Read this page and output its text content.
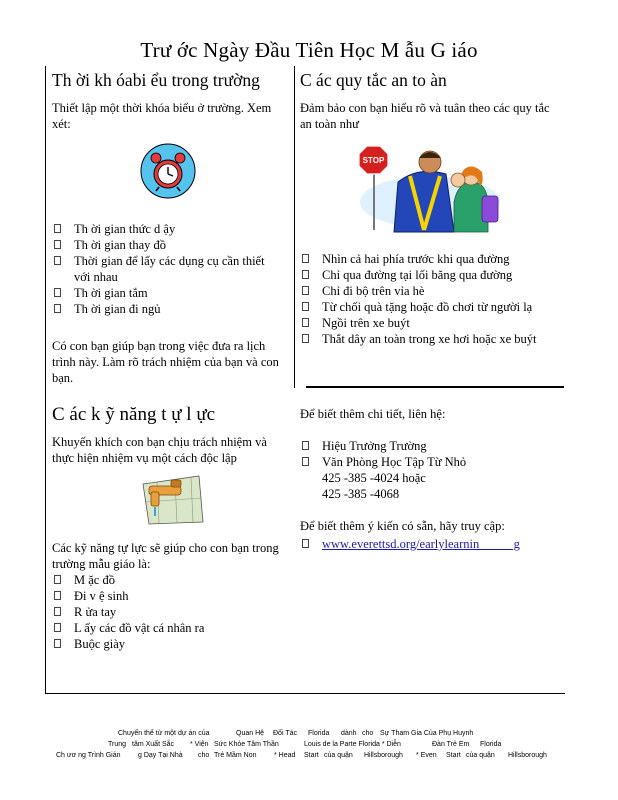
Trư ớc Ngày Đầu Tiên Học M ẫu G iáo
Th ời kh óabi ểu trong trường

Thiết lập một thời khóa biểu ở trường. Xem xét:

Th ời gian thức d ậy
Th ời gian thay đồ
Thời gian để lấy các dụng cụ cần thiết với nhau
Th ời gian tắm
Th ời gian đi ngủ

Có con bạn giúp bạn trong việc đưa ra lịch trình này. Làm rõ trách nhiệm của bạn và con bạn.

C ác k ỹ năng t ự l ực

Khuyến khích con bạn chịu trách nhiệm và thực hiện nhiệm vụ một cách độc lập

Các kỹ năng tự lực sẽ giúp cho con bạn trong trường mẫu giáo là:

M ặc đồ
Đi v ệ sinh
R ửa tay
L ấy các đồ vật cá nhân ra
Buộc giày
C ác quy tắc an to àn

Đảm bảo con bạn hiểu rõ và tuân theo các quy tắc an toàn như

STOP
Nhìn cả hai phía trước khi qua đường
Chỉ qua đường tại lối băng qua đường
Chỉ đi bộ trên vỉa hè
Từ chối quà tặng hoặc đồ chơi từ người lạ
Ngồi trên xe buýt
Thắt dây an toàn trong xe hơi hoặc xe buýt

Để biết thêm chi tiết, liên hệ:

Hiệu Trưởng Trường
Văn Phòng Học Tập Từ Nhỏ
425 -385 -4024 hoặc
425 -385 -4068

Để biết thêm ý kiến có sẵn, hãy truy cập:

www.everettsd.org/earlylearnin           g
Chuyển thể từ một dự án của	Quan Hệ Đối Tác Florida dành cho Sự Tham Gia Của Phụ Huynh
Trung tâm Xuất Sắc * Viện Sức Khỏe Tâm Thần	Louis de la Parte Florida * Diễn	Đàn Trẻ Em Florida
Ch ươ ng Trình Giản g Dạy Tại Nhà cho Trẻ Mầm Non * Head Start của quận Hillsborough * Even Start của quận Hillsborough
